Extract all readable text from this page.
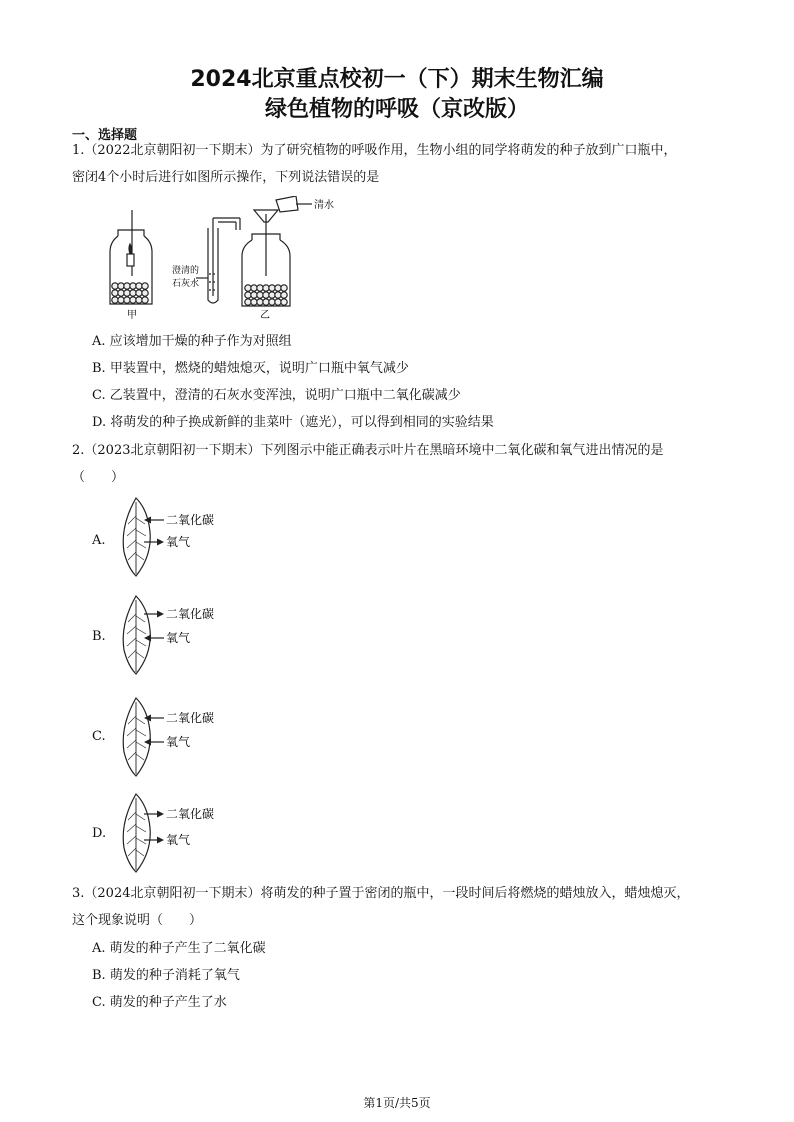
2024北京重点校初一（下）期末生物汇编
绿色植物的呼吸（京改版）
一、选择题
1.（2022北京朝阳初一下期末）为了研究植物的呼吸作用，生物小组的同学将萌发的种子放到广口瓶中，
密闭4个小时后进行如图所示操作，下列说法错误的是
甲
澄清的
石灰水
清水
乙
A. 应该增加干燥的种子作为对照组
B. 甲装置中，燃烧的蜡烛熄灭，说明广口瓶中氧气减少
C. 乙装置中，澄清的石灰水变浑浊，说明广口瓶中二氧化碳减少
D. 将萌发的种子换成新鲜的韭菜叶（遮光），可以得到相同的实验结果
2.（2023北京朝阳初一下期末）下列图示中能正确表示叶片在黑暗环境中二氧化碳和氧气进出情况的是
（　　）
A.
二氧化碳
氧气
B.
二氧化碳
氧气
C.
二氧化碳
氧气
D.
二氧化碳
氧气
3.（2024北京朝阳初一下期末）将萌发的种子置于密闭的瓶中，一段时间后将燃烧的蜡烛放入，蜡烛熄灭，
这个现象说明（　　）
A. 萌发的种子产生了二氧化碳
B. 萌发的种子消耗了氧气
C. 萌发的种子产生了水
第1页/共5页
